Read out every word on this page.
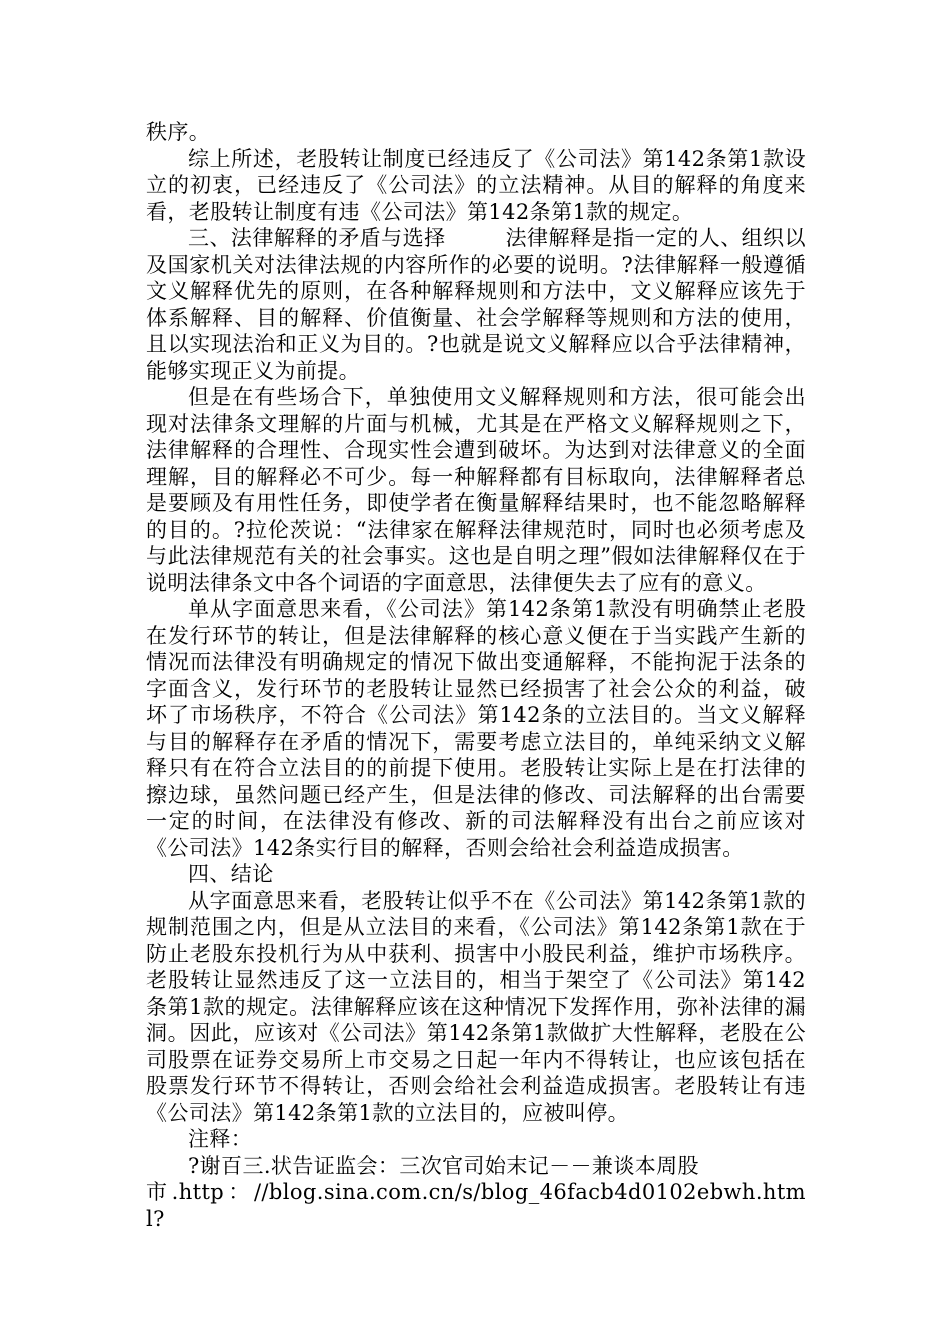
秩序。

综上所述，老股转让制度已经违反了《公司法》第142条第1款设立的初衷，已经违反了《公司法》的立法精神。从目的解释的角度来看，老股转让制度有违《公司法》第142条第1款的规定。

三、法律解释的矛盾与选择	法律解释是指一定的人、组织以及国家机关对法律法规的内容所作的必要的说明。?法律解释一般遵循文义解释优先的原则，在各种解释规则和方法中，文义解释应该先于体系解释、目的解释、价值衡量、社会学解释等规则和方法的使用，且以实现法治和正义为目的。?也就是说文义解释应以合乎法律精神，能够实现正义为前提。

但是在有些场合下，单独使用文义解释规则和方法，很可能会出现对法律条文理解的片面与机械，尤其是在严格文义解释规则之下，法律解释的合理性、合现实性会遭到破坏。为达到对法律意义的全面理解，目的解释必不可少。每一种解释都有目标取向，法律解释者总是要顾及有用性任务，即使学者在衡量解释结果时，也不能忽略解释的目的。?拉伦茨说：“法律家在解释法律规范时，同时也必须考虑及与此法律规范有关的社会事实。这也是自明之理”假如法律解释仅在于说明法律条文中各个词语的字面意思，法律便失去了应有的意义。

单从字面意思来看，《公司法》第142条第1款没有明确禁止老股在发行环节的转让，但是法律解释的核心意义便在于当实践产生新的情况而法律没有明确规定的情况下做出变通解释，不能拘泥于法条的字面含义，发行环节的老股转让显然已经损害了社会公众的利益，破坏了市场秩序，不符合《公司法》第142条的立法目的。当文义解释与目的解释存在矛盾的情况下，需要考虑立法目的，单纯采纳文义解释只有在符合立法目的的前提下使用。老股转让实际上是在打法律的擦边球，虽然问题已经产生，但是法律的修改、司法解释的出台需要一定的时间，在法律没有修改、新的司法解释没有出台之前应该对《公司法》142条实行目的解释，否则会给社会利益造成损害。

四、结论

从字面意思来看，老股转让似乎不在《公司法》第142条第1款的规制范围之内，但是从立法目的来看，《公司法》第142条第1款在于防止老股东投机行为从中获利、损害中小股民利益，维护市场秩序。老股转让显然违反了这一立法目的，相当于架空了《公司法》第142条第1款的规定。法律解释应该在这种情况下发挥作用，弥补法律的漏洞。因此，应该对《公司法》第142条第1款做扩大性解释，老股在公司股票在证券交易所上市交易之日起一年内不得转让，也应该包括在股票发行环节不得转让，否则会给社会利益造成损害。老股转让有违《公司法》第142条第1款的立法目的，应被叫停。

注释：

?谢百三.状告证监会：三次官司始末记－－兼谈本周股

市.http：//blog.sina.com.cn/s/blog_46facb4d0102ebwh.html?
